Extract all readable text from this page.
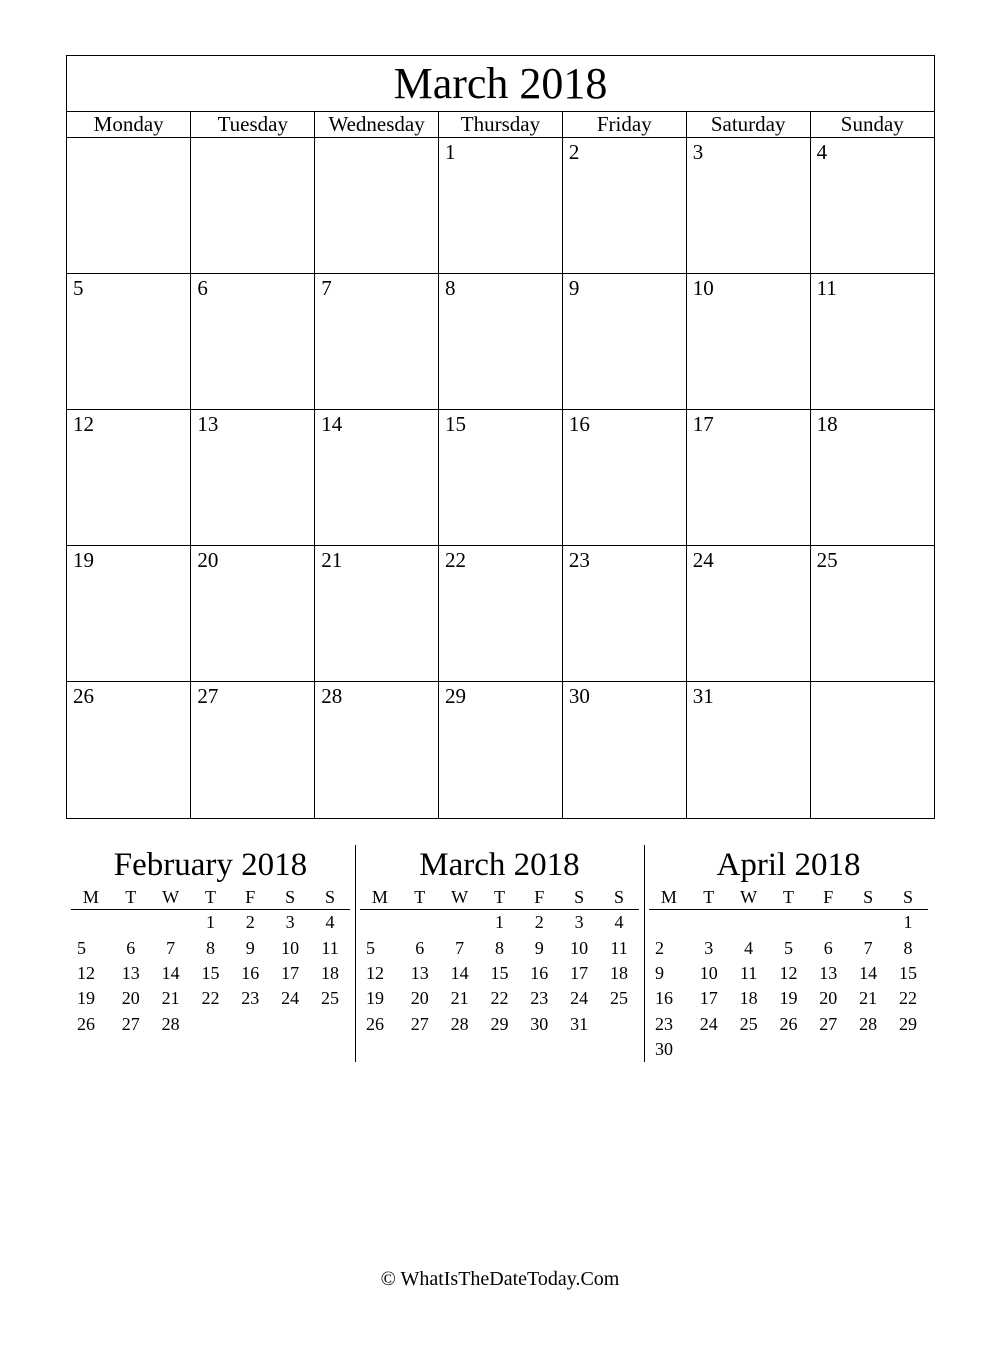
March 2018
Monday	Tuesday	Wednesday	Thursday	Friday	Saturday	Sunday
			1	2	3	4
5	6	7	8	9	10	11
12	13	14	15	16	17	18
19	20	21	22	23	24	25
26	27	28	29	30	31	
February 2018
M	T	W	T	F	S	S
			1	2	3	4
5	6	7	8	9	10	11
12	13	14	15	16	17	18
19	20	21	22	23	24	25
26	27	28				
March 2018
M	T	W	T	F	S	S
			1	2	3	4
5	6	7	8	9	10	11
12	13	14	15	16	17	18
19	20	21	22	23	24	25
26	27	28	29	30	31	
April 2018
M	T	W	T	F	S	S
						1
2	3	4	5	6	7	8
9	10	11	12	13	14	15
16	17	18	19	20	21	22
23	24	25	26	27	28	29
30						
© WhatIsTheDateToday.Com
